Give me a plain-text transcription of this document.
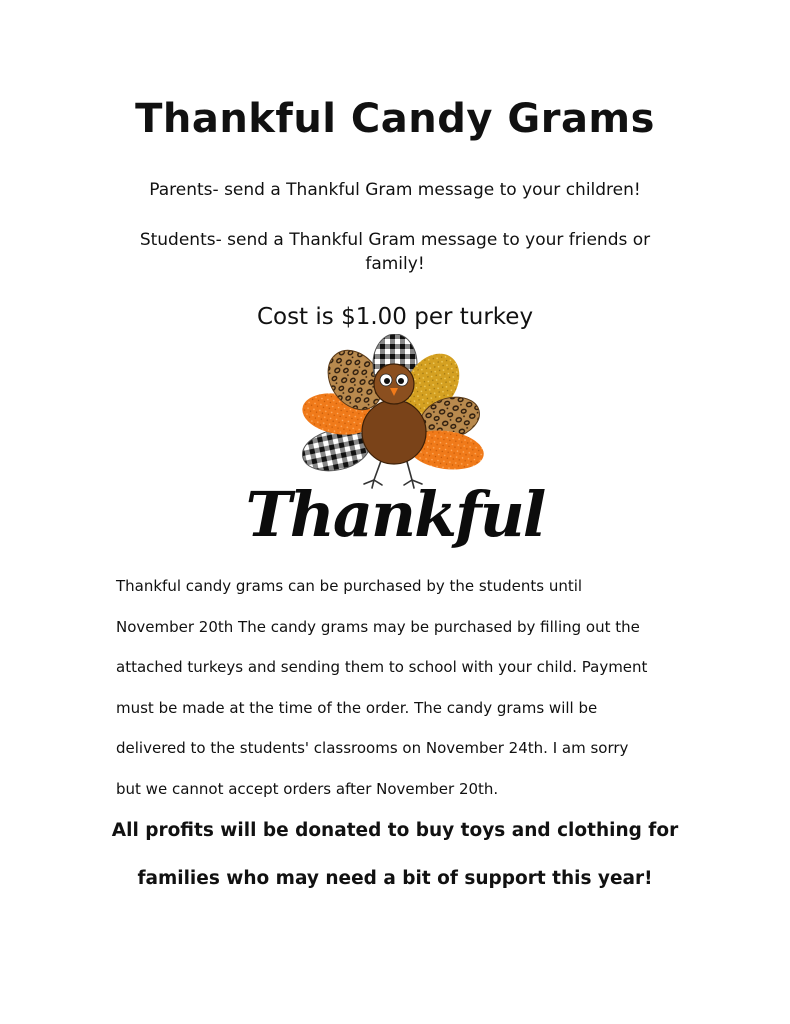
Thankful Candy Grams

Parents- send a Thankful Gram message to your children!

Students- send a Thankful Gram message to your friends or family!

Cost is $1.00 per turkey

Thankful
Thankful candy grams can be purchased by the students until
November 20th The candy grams may be purchased by filling out the
attached turkeys and sending them to school with your child. Payment
must be made at the time of the order. The candy grams will be
delivered to the students' classrooms on November 24th. I am sorry
but we cannot accept orders after November 20th.

All profits will be donated to buy toys and clothing for

families who may need a bit of support this year!
